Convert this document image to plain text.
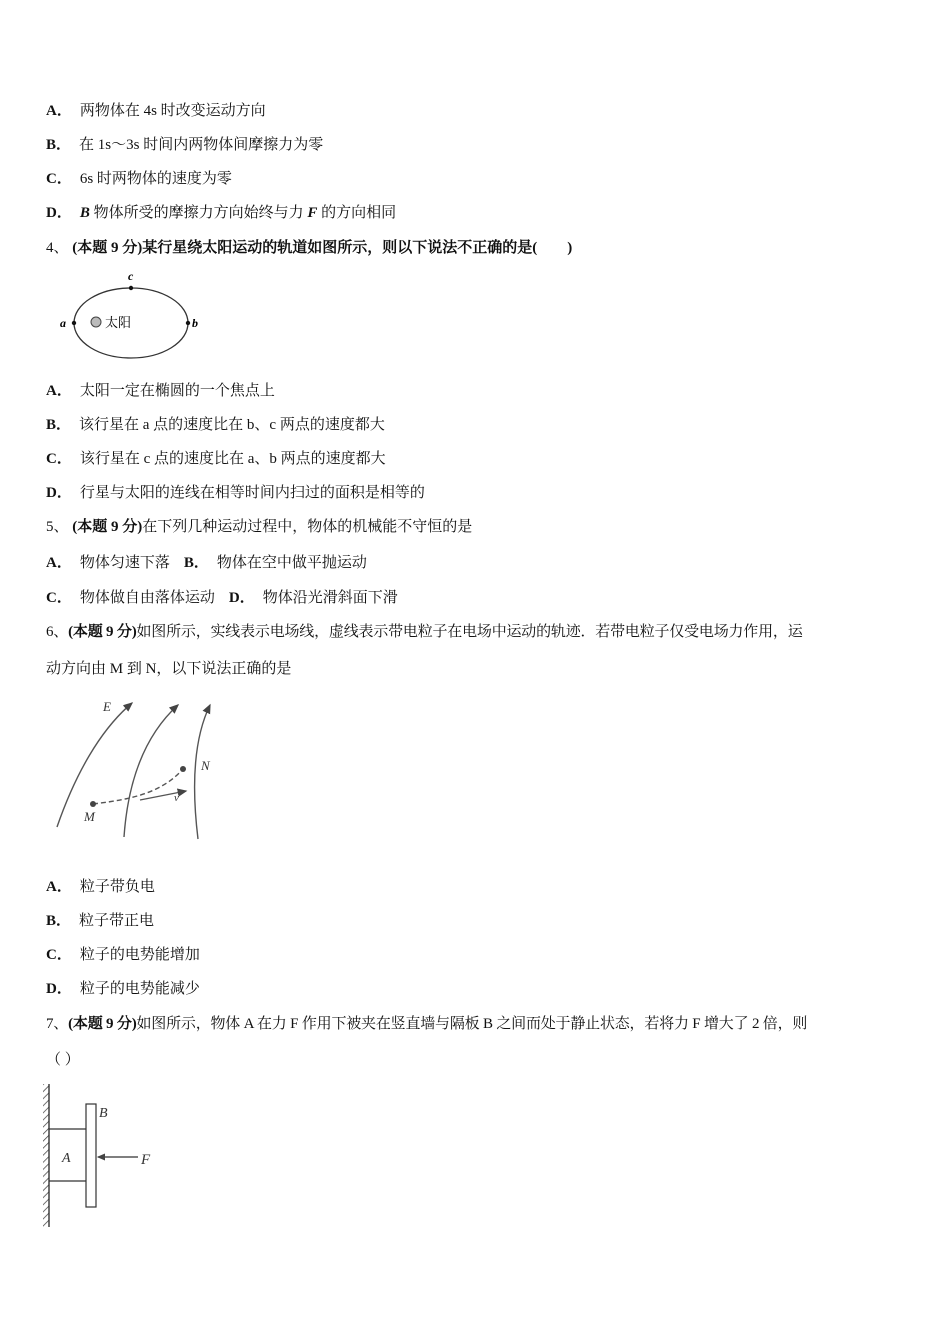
A． 两物体在 4s 时改变运动方向
B． 在 1s～3s 时间内两物体间摩擦力为零
C． 6s 时两物体的速度为零
D． B 物体所受的摩擦力方向始终与力 F 的方向相同
4、 (本题 9 分)某行星绕太阳运动的轨道如图所示，则以下说法不正确的是(　　)
c
a	b
太阳
A． 太阳一定在椭圆的一个焦点上
B． 该行星在 a 点的速度比在 b、c 两点的速度都大
C． 该行星在 c 点的速度比在 a、b 两点的速度都大
D． 行星与太阳的连线在相等时间内扫过的面积是相等的
5、 (本题 9 分)在下列几种运动过程中，物体的机械能不守恒的是
A． 物体匀速下落 B． 物体在空中做平抛运动
C． 物体做自由落体运动 D． 物体沿光滑斜面下滑
6、(本题 9 分)如图所示，实线表示电场线，虚线表示带电粒子在电场中运动的轨迹．若带电粒子仅受电场力作用，运
动方向由 M 到 N，以下说法正确的是
E
N
M
v
A． 粒子带负电
B． 粒子带正电
C． 粒子的电势能增加
D． 粒子的电势能减少
7、(本题 9 分)如图所示，物体 A 在力 F 作用下被夹在竖直墙与隔板 B 之间而处于静止状态，若将力 F 增大了 2 倍，则
（ ）
A
B
F
